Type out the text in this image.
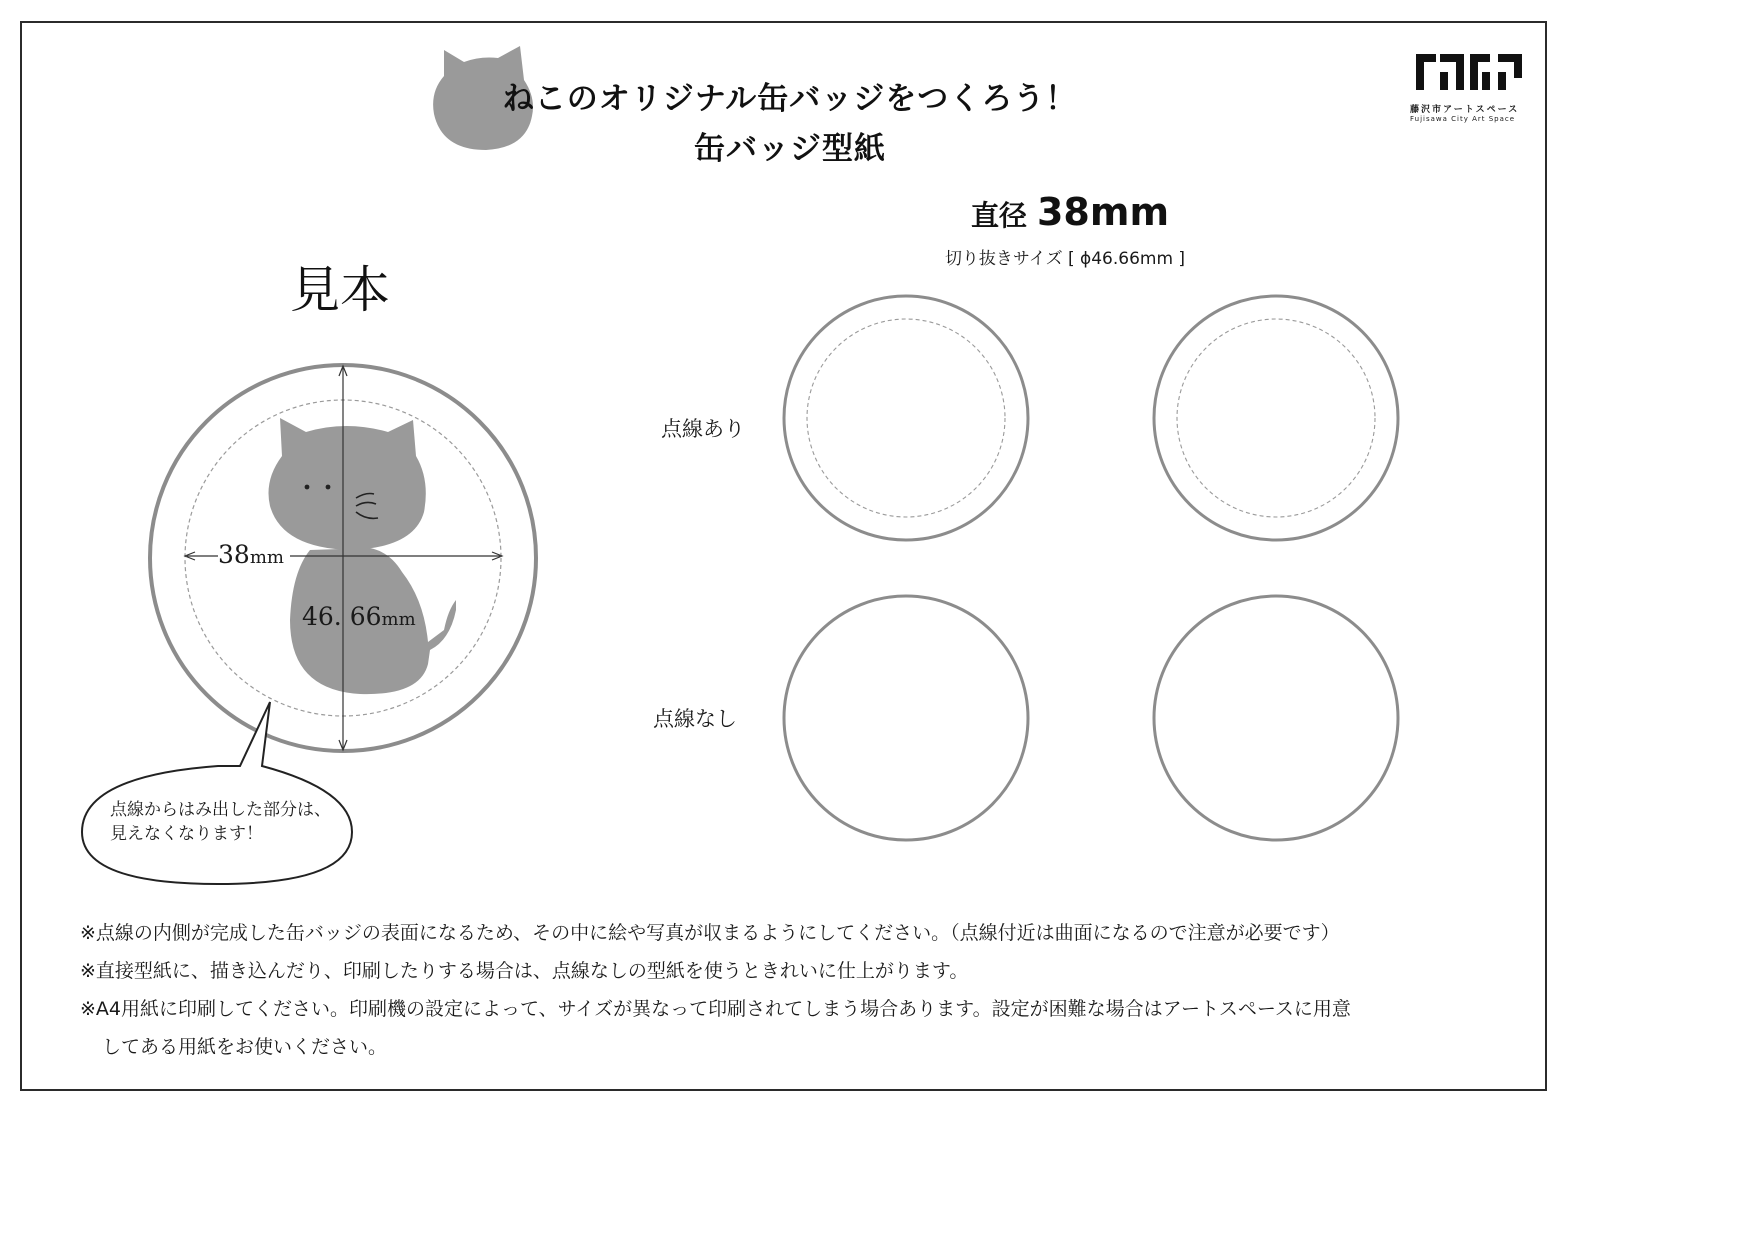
ねこのオリジナル缶バッジをつくろう！
缶バッジ型紙
藤沢市アートスペース
Fujisawa City Art Space
直径 38mm
切り抜きサイズ [ ϕ46.66mm ]
見本
38mm
46. 66mm
点線からはみ出した部分は、
見えなくなります！
点線あり
点線なし
※点線の内側が完成した缶バッジの表面になるため、その中に絵や写真が収まるようにしてください。（点線付近は曲面になるので注意が必要です）
※直接型紙に、描き込んだり、印刷したりする場合は、点線なしの型紙を使うときれいに仕上がります。
※A4用紙に印刷してください。印刷機の設定によって、サイズが異なって印刷されてしまう場合あります。設定が困難な場合はアートスペースに用意
してある用紙をお使いください。
